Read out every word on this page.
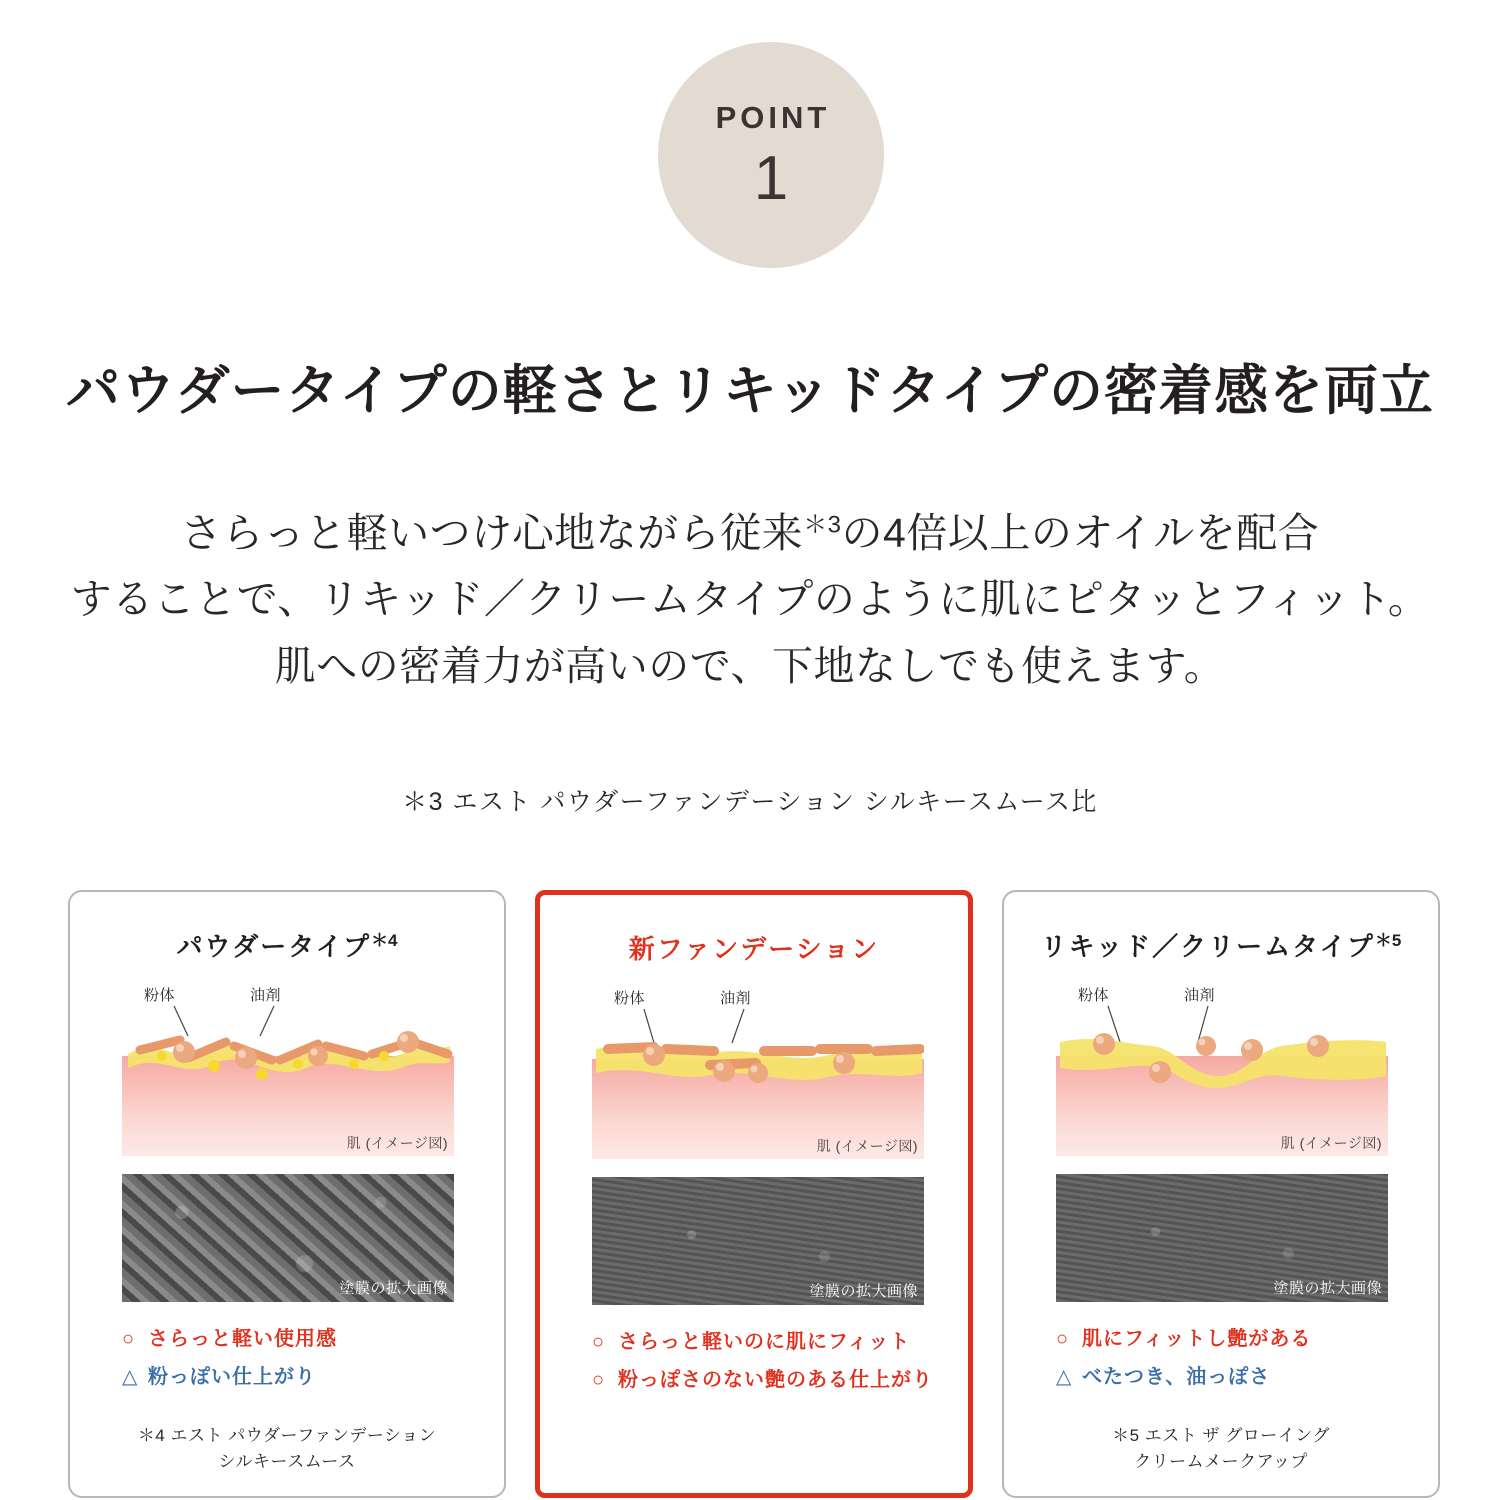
POINT
1
パウダータイプの軽さとリキッドタイプの密着感を両立
さらっと軽いつけ心地ながら従来$^{*3}$の4倍以上のオイルを配合
することで、リキッド／クリームタイプのように肌にピタッとフィット。
肌への密着力が高いので、下地なしでも使えます。
＊3 エスト パウダーファンデーション シルキースムース比
パウダータイプ$^{*4}$
粉体	油剤
肌 (イメージ図)
塗膜の拡大画像
○ さらっと軽い使用感
△ 粉っぽい仕上がり
＊4 エスト パウダーファンデーション
シルキースムース
新ファンデーション
粉体	油剤
肌 (イメージ図)
塗膜の拡大画像
○ さらっと軽いのに肌にフィット
○ 粉っぽさのない艶のある仕上がり
リキッド／クリームタイプ$^{*5}$
粉体	油剤
肌 (イメージ図)
塗膜の拡大画像
○ 肌にフィットし艶がある
△ べたつき、油っぽさ
＊5 エスト ザ グローイング
クリームメークアップ
